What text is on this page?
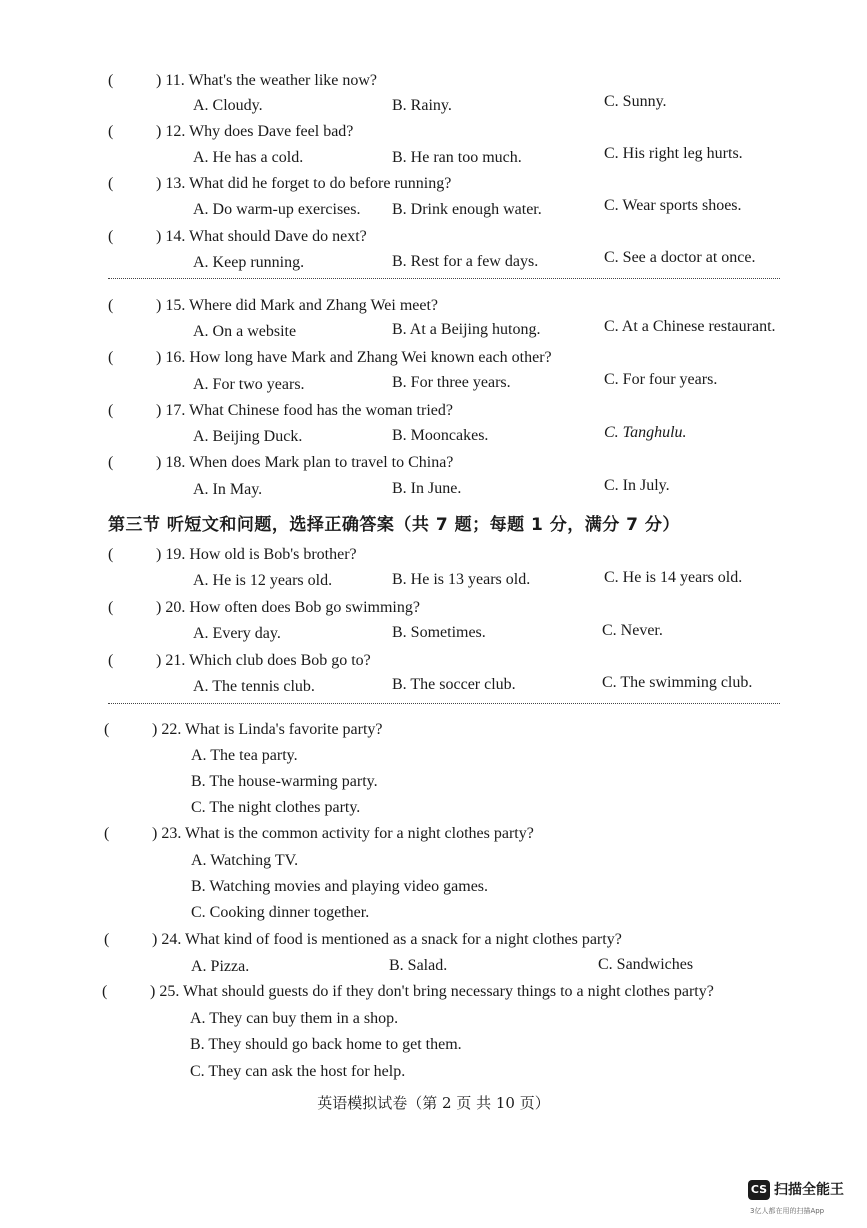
(	) 11. What's the weather like now?
A. Cloudy.	B. Rainy.	C. Sunny.
(	) 12. Why does Dave feel bad?
A. He has a cold.	B. He ran too much.	C. His right leg hurts.
(	) 13. What did he forget to do before running?
A. Do warm-up exercises. B. Drink enough water.	C. Wear sports shoes.
(	) 14. What should Dave do next?
A. Keep running.	B. Rest for a few days.	C. See a doctor at once.
(	) 15. Where did Mark and Zhang Wei meet?
A. On a website	B. At a Beijing hutong.	C. At a Chinese restaurant.
(	) 16. How long have Mark and Zhang Wei known each other?
A. For two years.	B. For three years.	C. For four years.
(	) 17. What Chinese food has the woman tried?
A. Beijing Duck.	B. Mooncakes.	C. Tanghulu.
(	) 18. When does Mark plan to travel to China?
A. In May.	B. In June.	C. In July.
第三节 听短文和问题，选择正确答案（共 7 题；每题 1 分，满分 7 分）
(	) 19. How old is Bob's brother?
A. He is 12 years old.	B. He is 13 years old.	C. He is 14 years old.
(	) 20. How often does Bob go swimming?
A. Every day.	B. Sometimes.	C. Never.
(	) 21. Which club does Bob go to?
A. The tennis club.	B. The soccer club.	C. The swimming club.
(	) 22. What is Linda's favorite party?
A. The tea party.
B. The house-warming party.
C. The night clothes party.
(	) 23. What is the common activity for a night clothes party?
A. Watching TV.
B. Watching movies and playing video games.
C. Cooking dinner together.
(	) 24. What kind of food is mentioned as a snack for a night clothes party?
A. Pizza.	B. Salad.	C. Sandwiches
(	) 25. What should guests do if they don't bring necessary things to a night clothes party?
A. They can buy them in a shop.
B. They should go back home to get them.
C. They can ask the host for help.
英语模拟试卷（第 2 页 共 10 页）
CS 扫描全能王
3亿人都在用的扫描App
